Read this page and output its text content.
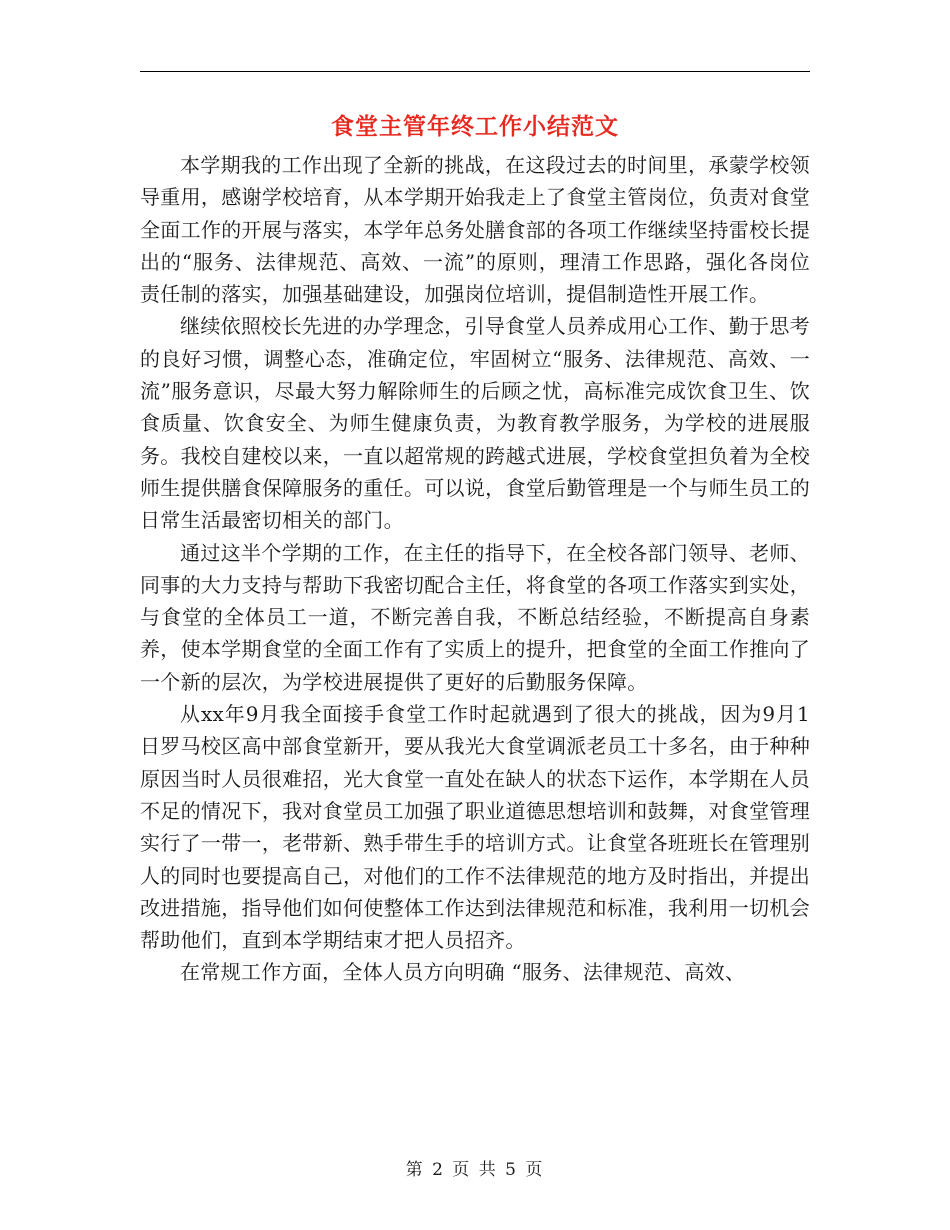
食堂主管年终工作小结范文

本学期我的工作出现了全新的挑战，在这段过去的时间里，承蒙学校领导重用，感谢学校培育，从本学期开始我走上了食堂主管岗位，负责对食堂全面工作的开展与落实，本学年总务处膳食部的各项工作继续坚持雷校长提出的“服务、法律规范、高效、一流”的原则，理清工作思路，强化各岗位责任制的落实，加强基础建设，加强岗位培训，提倡制造性开展工作。

继续依照校长先进的办学理念，引导食堂人员养成用心工作、勤于思考的良好习惯，调整心态，准确定位，牢固树立“服务、法律规范、高效、一流”服务意识，尽最大努力解除师生的后顾之忧，高标准完成饮食卫生、饮食质量、饮食安全、为师生健康负责，为教育教学服务，为学校的进展服务。我校自建校以来，一直以超常规的跨越式进展，学校食堂担负着为全校师生提供膳食保障服务的重任。可以说，食堂后勤管理是一个与师生员工的日常生活最密切相关的部门。

通过这半个学期的工作，在主任的指导下，在全校各部门领导、老师、同事的大力支持与帮助下我密切配合主任，将食堂的各项工作落实到实处，与食堂的全体员工一道，不断完善自我，不断总结经验，不断提高自身素养，使本学期食堂的全面工作有了实质上的提升，把食堂的全面工作推向了一个新的层次，为学校进展提供了更好的后勤服务保障。

从xx年9月我全面接手食堂工作时起就遇到了很大的挑战，因为9月1日罗马校区高中部食堂新开，要从我光大食堂调派老员工十多名，由于种种原因当时人员很难招，光大食堂一直处在缺人的状态下运作，本学期在人员不足的情况下，我对食堂员工加强了职业道德思想培训和鼓舞，对食堂管理实行了一带一，老带新、熟手带生手的培训方式。让食堂各班班长在管理别人的同时也要提高自己，对他们的工作不法律规范的地方及时指出，并提出改进措施，指导他们如何使整体工作达到法律规范和标准，我利用一切机会帮助他们，直到本学期结束才把人员招齐。

在常规工作方面，全体人员方向明确 “服务、法律规范、高效、

第 2 页 共 5 页
